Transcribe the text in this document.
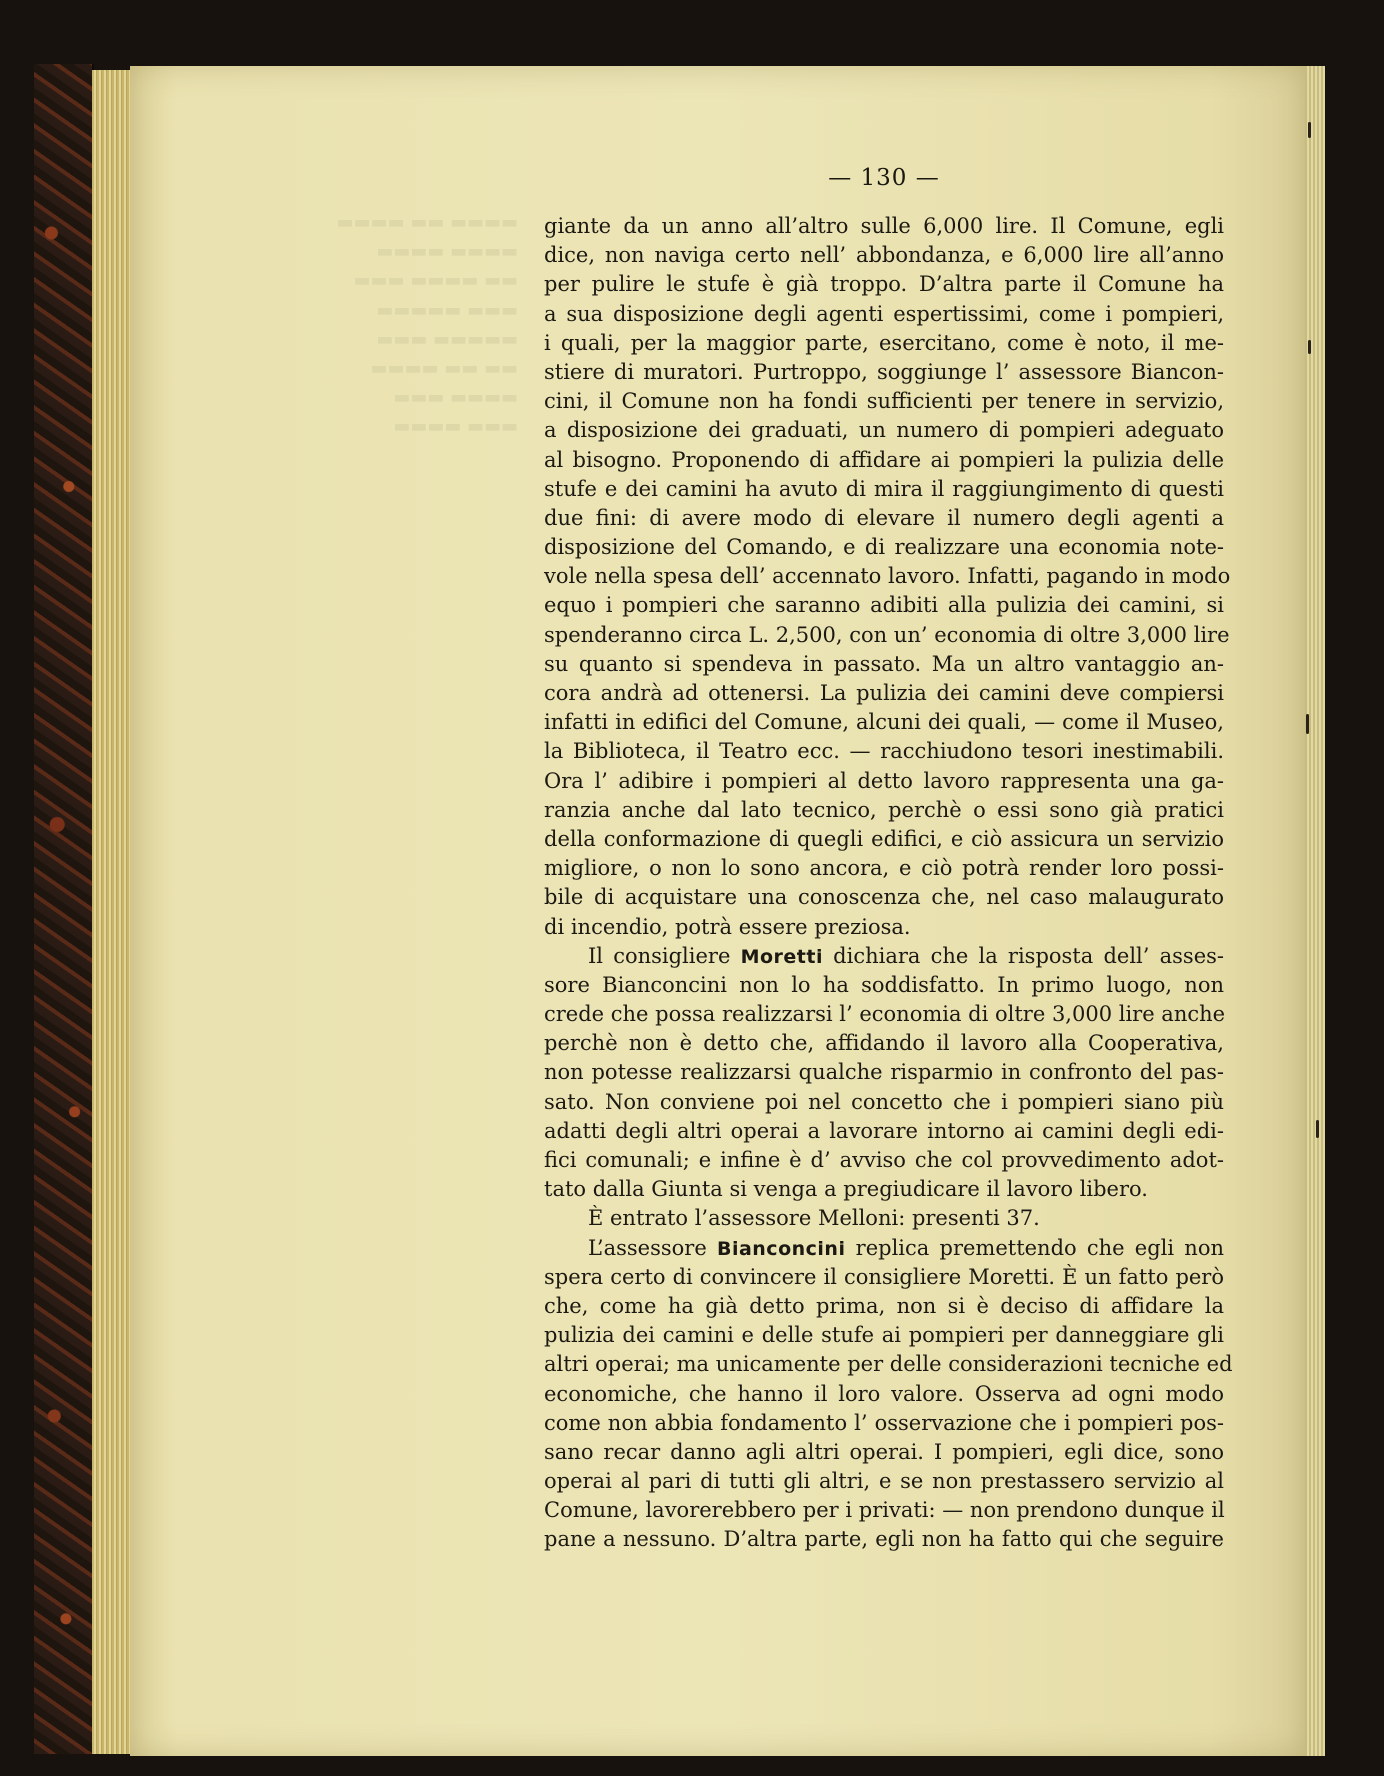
▬▬▬▬ ▬▬ ▬▬▬▬
▬▬▬▬ ▬▬▬▬
▬▬▬ ▬▬▬▬ ▬▬
▬▬▬▬▬ ▬▬▬
▬▬▬ ▬▬▬▬▬
▬▬▬▬ ▬▬ ▬▬
▬▬▬ ▬▬▬▬
▬▬▬▬ ▬▬▬
— 130 —
giante da un anno all’altro sulle 6,000 lire. Il Comune, egli
dice, non naviga certo nell’ abbondanza, e 6,000 lire all’anno
per pulire le stufe è già troppo. D’altra parte il Comune ha
a sua disposizione degli agenti espertissimi, come i pompieri,
i quali, per la maggior parte, esercitano, come è noto, il me-
stiere di muratori. Purtroppo, soggiunge l’ assessore Biancon-
cini, il Comune non ha fondi sufficienti per tenere in servizio,
a disposizione dei graduati, un numero di pompieri adeguato
al bisogno. Proponendo di affidare ai pompieri la pulizia delle
stufe e dei camini ha avuto di mira il raggiungimento di questi
due fini: di avere modo di elevare il numero degli agenti a
disposizione del Comando, e di realizzare una economia note-
vole nella spesa dell’ accennato lavoro. Infatti, pagando in modo
equo i pompieri che saranno adibiti alla pulizia dei camini, si
spenderanno circa L. 2,500, con un’ economia di oltre 3,000 lire
su quanto si spendeva in passato. Ma un altro vantaggio an-
cora andrà ad ottenersi. La pulizia dei camini deve compiersi
infatti in edifici del Comune, alcuni dei quali, — come il Museo,
la Biblioteca, il Teatro ecc. — racchiudono tesori inestimabili.
Ora l’ adibire i pompieri al detto lavoro rappresenta una ga-
ranzia anche dal lato tecnico, perchè o essi sono già pratici
della conformazione di quegli edifici, e ciò assicura un servizio
migliore, o non lo sono ancora, e ciò potrà render loro possi-
bile di acquistare una conoscenza che, nel caso malaugurato
di incendio, potrà essere preziosa.
Il consigliere Moretti dichiara che la risposta dell’ asses-
sore Bianconcini non lo ha soddisfatto. In primo luogo, non
crede che possa realizzarsi l’ economia di oltre 3,000 lire anche
perchè non è detto che, affidando il lavoro alla Cooperativa,
non potesse realizzarsi qualche risparmio in confronto del pas-
sato. Non conviene poi nel concetto che i pompieri siano più
adatti degli altri operai a lavorare intorno ai camini degli edi-
fici comunali; e infine è d’ avviso che col provvedimento adot-
tato dalla Giunta si venga a pregiudicare il lavoro libero.
È entrato l’assessore Melloni: presenti 37.
L’assessore Bianconcini replica premettendo che egli non
spera certo di convincere il consigliere Moretti. È un fatto però
che, come ha già detto prima, non si è deciso di affidare la
pulizia dei camini e delle stufe ai pompieri per danneggiare gli
altri operai; ma unicamente per delle considerazioni tecniche ed
economiche, che hanno il loro valore. Osserva ad ogni modo
come non abbia fondamento l’ osservazione che i pompieri pos-
sano recar danno agli altri operai. I pompieri, egli dice, sono
operai al pari di tutti gli altri, e se non prestassero servizio al
Comune, lavorerebbero per i privati: — non prendono dunque il
pane a nessuno. D’altra parte, egli non ha fatto qui che seguire
